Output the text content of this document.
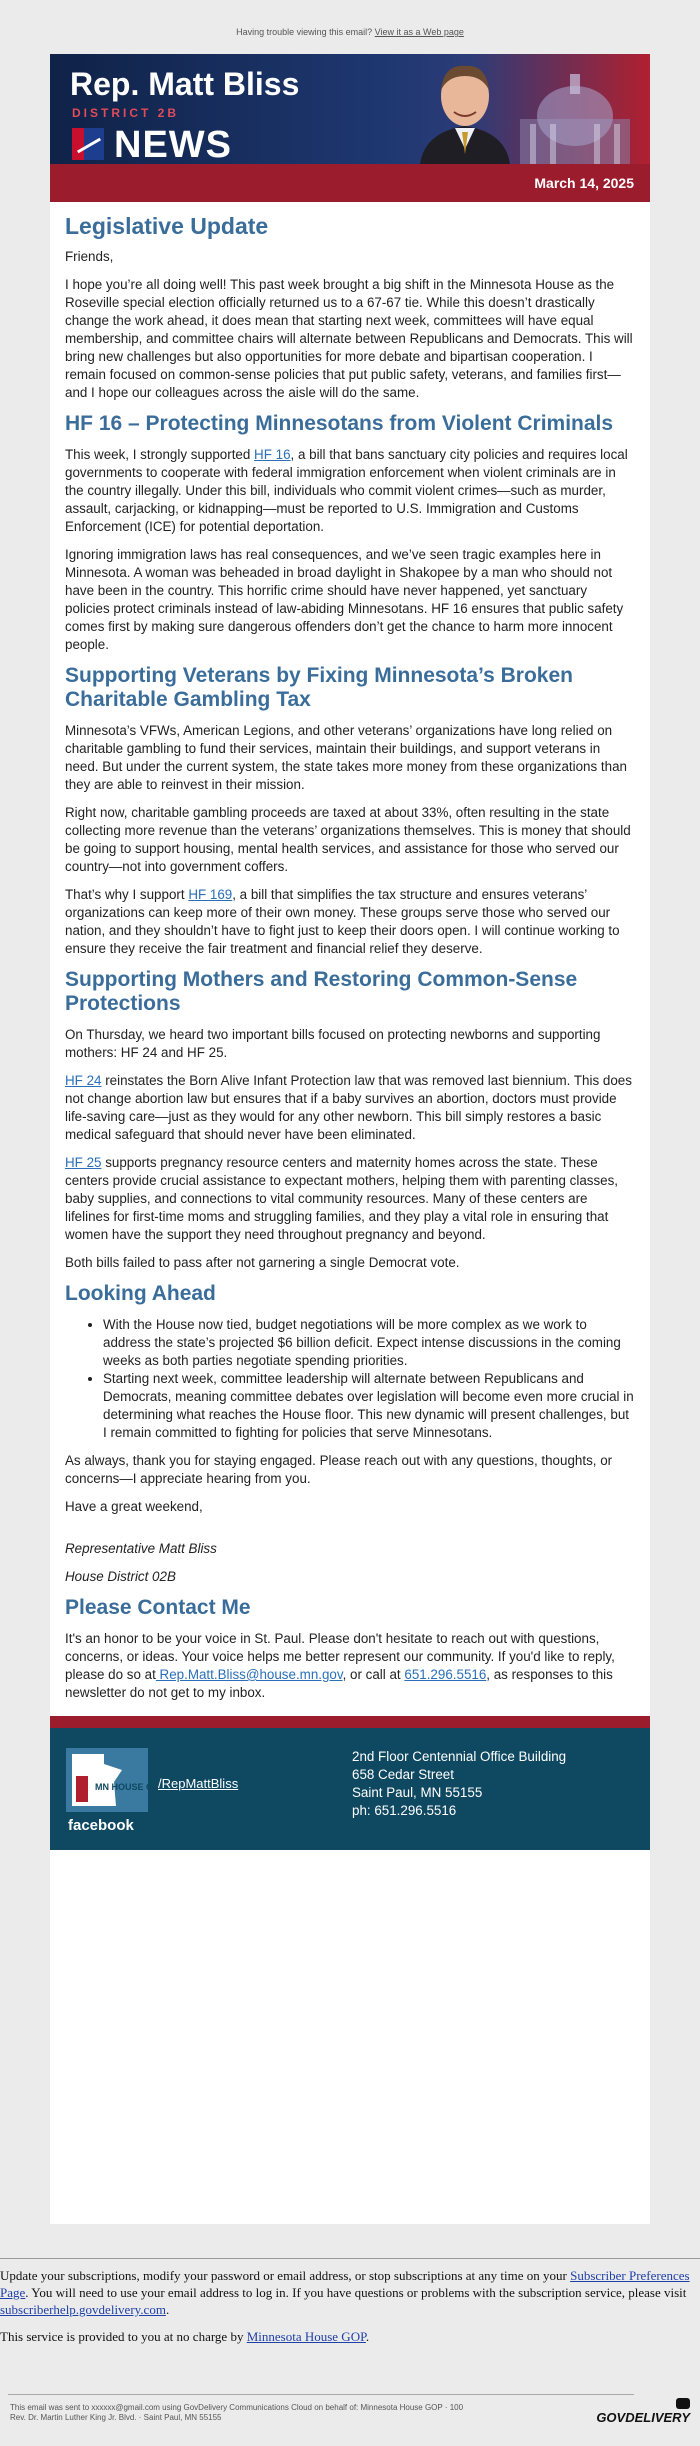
Having trouble viewing this email? View it as a Web page
Rep. Matt Bliss
DISTRICT 2B
NEWS
March 14, 2025
Legislative Update

Friends,

I hope you’re all doing well! This past week brought a big shift in the Minnesota House as the Roseville special election officially returned us to a 67-67 tie. While this doesn’t drastically change the work ahead, it does mean that starting next week, committees will have equal membership, and committee chairs will alternate between Republicans and Democrats. This will bring new challenges but also opportunities for more debate and bipartisan cooperation. I remain focused on common-sense policies that put public safety, veterans, and families first—and I hope our colleagues across the aisle will do the same.

HF 16 – Protecting Minnesotans from Violent Criminals

This week, I strongly supported HF 16, a bill that bans sanctuary city policies and requires local governments to cooperate with federal immigration enforcement when violent criminals are in the country illegally. Under this bill, individuals who commit violent crimes—such as murder, assault, carjacking, or kidnapping—must be reported to U.S. Immigration and Customs Enforcement (ICE) for potential deportation.

Ignoring immigration laws has real consequences, and we’ve seen tragic examples here in Minnesota. A woman was beheaded in broad daylight in Shakopee by a man who should not have been in the country. This horrific crime should have never happened, yet sanctuary policies protect criminals instead of law-abiding Minnesotans. HF 16 ensures that public safety comes first by making sure dangerous offenders don’t get the chance to harm more innocent people.

Supporting Veterans by Fixing Minnesota’s Broken Charitable Gambling Tax

Minnesota’s VFWs, American Legions, and other veterans’ organizations have long relied on charitable gambling to fund their services, maintain their buildings, and support veterans in need. But under the current system, the state takes more money from these organizations than they are able to reinvest in their mission.

Right now, charitable gambling proceeds are taxed at about 33%, often resulting in the state collecting more revenue than the veterans’ organizations themselves. This is money that should be going to support housing, mental health services, and assistance for those who served our country—not into government coffers.

That’s why I support HF 169, a bill that simplifies the tax structure and ensures veterans’ organizations can keep more of their own money. These groups serve those who served our nation, and they shouldn’t have to fight just to keep their doors open. I will continue working to ensure they receive the fair treatment and financial relief they deserve.

Supporting Mothers and Restoring Common-Sense Protections

On Thursday, we heard two important bills focused on protecting newborns and supporting mothers: HF 24 and HF 25.

HF 24 reinstates the Born Alive Infant Protection law that was removed last biennium. This does not change abortion law but ensures that if a baby survives an abortion, doctors must provide life-saving care—just as they would for any other newborn. This bill simply restores a basic medical safeguard that should never have been eliminated.

HF 25 supports pregnancy resource centers and maternity homes across the state. These centers provide crucial assistance to expectant mothers, helping them with parenting classes, baby supplies, and connections to vital community resources. Many of these centers are lifelines for first-time moms and struggling families, and they play a vital role in ensuring that women have the support they need throughout pregnancy and beyond.

Both bills failed to pass after not garnering a single Democrat vote.

Looking Ahead
• With the House now tied, budget negotiations will be more complex as we work to address the state’s projected $6 billion deficit. Expect intense discussions in the coming weeks as both parties negotiate spending priorities.
• Starting next week, committee leadership will alternate between Republicans and Democrats, meaning committee debates over legislation will become even more crucial in determining what reaches the House floor. This new dynamic will present challenges, but I remain committed to fighting for policies that serve Minnesotans.

As always, thank you for staying engaged. Please reach out with any questions, thoughts, or concerns—I appreciate hearing from you.

Have a great weekend,

Representative Matt Bliss

House District 02B

Please Contact Me

It's an honor to be your voice in St. Paul. Please don't hesitate to reach out with questions, concerns, or ideas. Your voice helps me better represent our community. If you'd like to reply, please do so at Rep.Matt.Bliss@house.mn.gov, or call at 651.296.5516, as responses to this newsletter do not get to my inbox.

MN HOUSE GOP
facebook
/RepMattBliss
2nd Floor Centennial Office Building
658 Cedar Street
Saint Paul, MN 55155
ph: 651.296.5516

Update your subscriptions, modify your password or email address, or stop subscriptions at any time on your Subscriber Preferences Page. You will need to use your email address to log in. If you have questions or problems with the subscription service, please visit subscriberhelp.govdelivery.com.

This service is provided to you at no charge by Minnesota House GOP.

This email was sent to xxxxxx@gmail.com using GovDelivery Communications Cloud on behalf of: Minnesota House GOP · 100
Rev. Dr. Martin Luther King Jr. Blvd. · Saint Paul, MN 55155	GOVDELIVERY
